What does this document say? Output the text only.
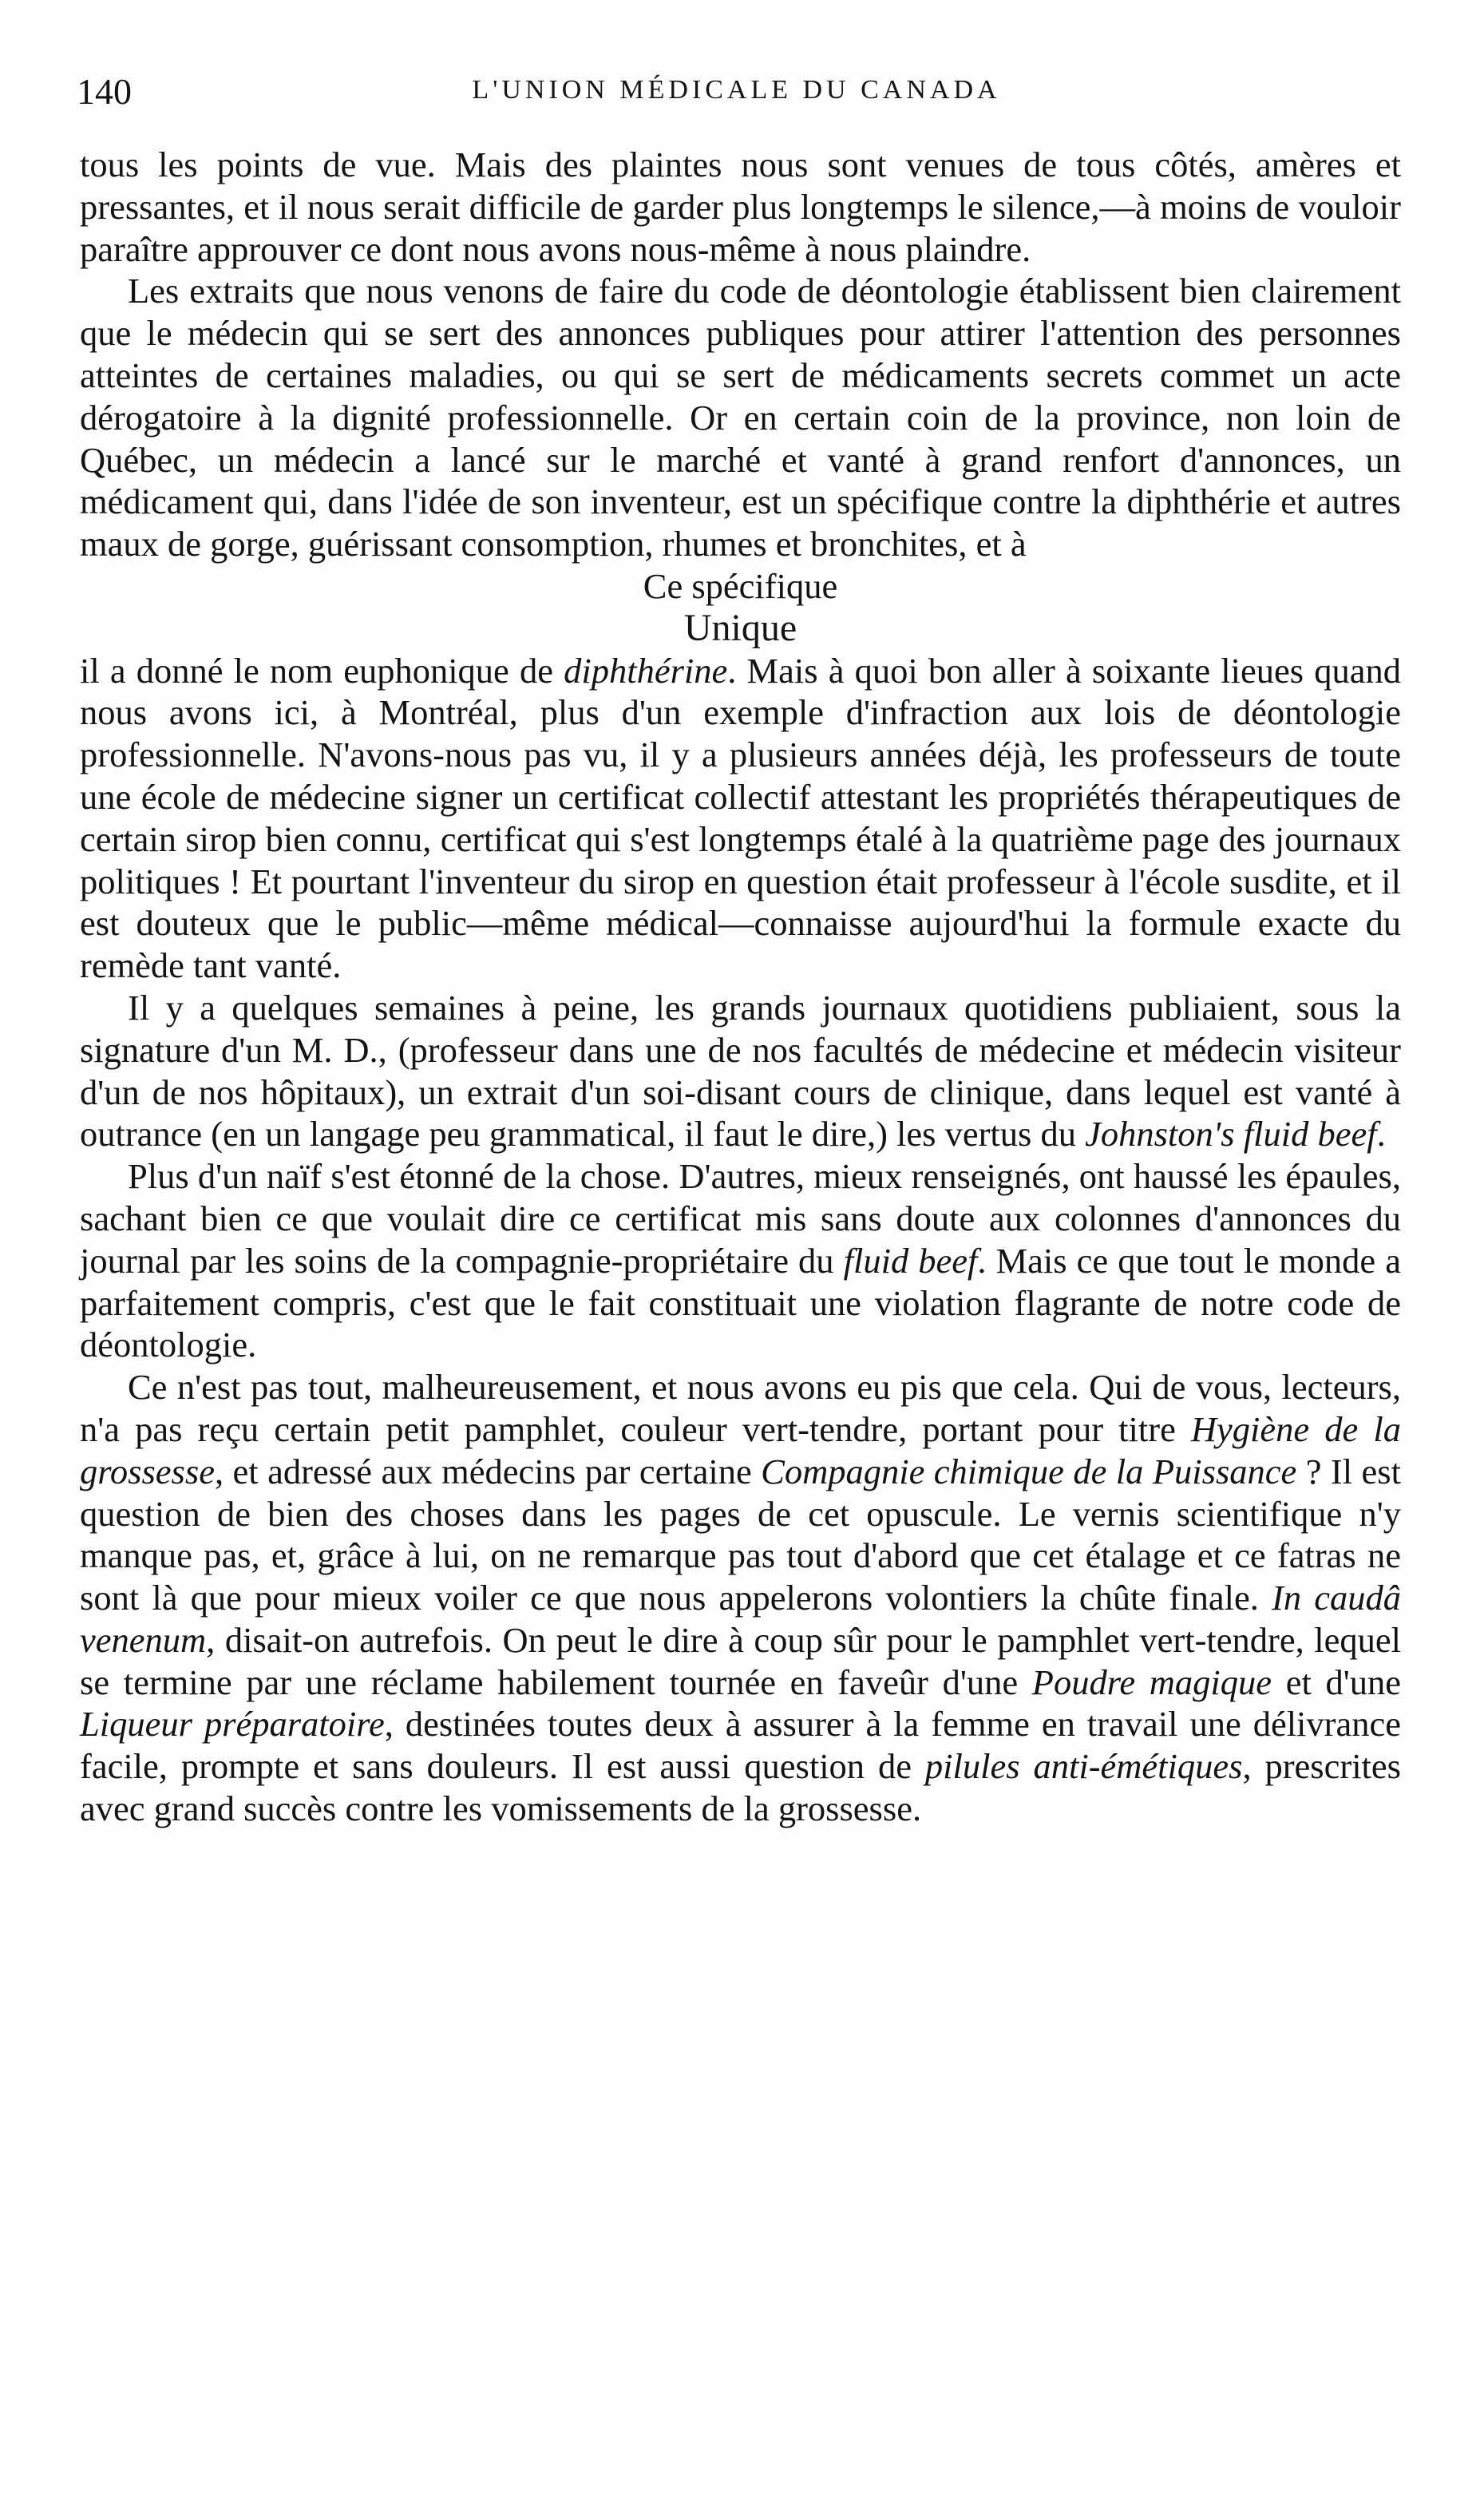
140	L'UNION MÉDICALE DU CANADA

tous les points de vue. Mais des plaintes nous sont venues de tous côtés, amères et pressantes, et il nous serait difficile de garder plus longtemps le silence,—à moins de vouloir paraître approuver ce dont nous avons nous-même à nous plaindre.

Les extraits que nous venons de faire du code de déontologie établissent bien clairement que le médecin qui se sert des annonces publiques pour attirer l'attention des personnes atteintes de certaines maladies, ou qui se sert de médicaments secrets commet un acte dérogatoire à la dignité professionnelle. Or en certain coin de la province, non loin de Québec, un médecin a lancé sur le marché et vanté à grand renfort d'annonces, un médicament qui, dans l'idée de son inventeur, est un spécifique contre la diphthérie et autres maux de gorge, guérissant consomption, rhumes et bronchites, et à

Ce spécifique

Unique

il a donné le nom euphonique de diphthérine. Mais à quoi bon aller à soixante lieues quand nous avons ici, à Montréal, plus d'un exemple d'infraction aux lois de déontologie professionnelle. N'avons-nous pas vu, il y a plusieurs années déjà, les professeurs de toute une école de médecine signer un certificat collectif attestant les propriétés thérapeutiques de certain sirop bien connu, certificat qui s'est longtemps étalé à la quatrième page des journaux politiques ! Et pourtant l'inventeur du sirop en question était professeur à l'école susdite, et il est douteux que le public—même médical—connaisse aujourd'hui la formule exacte du remède tant vanté.

Il y a quelques semaines à peine, les grands journaux quotidiens publiaient, sous la signature d'un M. D., (professeur dans une de nos facultés de médecine et médecin visiteur d'un de nos hôpitaux), un extrait d'un soi-disant cours de clinique, dans lequel est vanté à outrance (en un langage peu grammatical, il faut le dire,) les vertus du Johnston's fluid beef.

Plus d'un naïf s'est étonné de la chose. D'autres, mieux renseignés, ont haussé les épaules, sachant bien ce que voulait dire ce certificat mis sans doute aux colonnes d'annonces du journal par les soins de la compagnie-propriétaire du fluid beef. Mais ce que tout le monde a parfaitement compris, c'est que le fait constituait une violation flagrante de notre code de déontologie.

Ce n'est pas tout, malheureusement, et nous avons eu pis que cela. Qui de vous, lecteurs, n'a pas reçu certain petit pamphlet, couleur vert-tendre, portant pour titre Hygiène de la grossesse, et adressé aux médecins par certaine Compagnie chimique de la Puissance ? Il est question de bien des choses dans les pages de cet opuscule. Le vernis scientifique n'y manque pas, et, grâce à lui, on ne remarque pas tout d'abord que cet étalage et ce fatras ne sont là que pour mieux voiler ce que nous appelerons volontiers la chûte finale. In caudâ venenum, disait-on autrefois. On peut le dire à coup sûr pour le pamphlet vert-tendre, lequel se termine par une réclame habilement tournée en faveûr d'une Poudre magique et d'une Liqueur préparatoire, destinées toutes deux à assurer à la femme en travail une délivrance facile, prompte et sans douleurs. Il est aussi question de pilules anti-émétiques, prescrites avec grand succès contre les vomissements de la grossesse.
